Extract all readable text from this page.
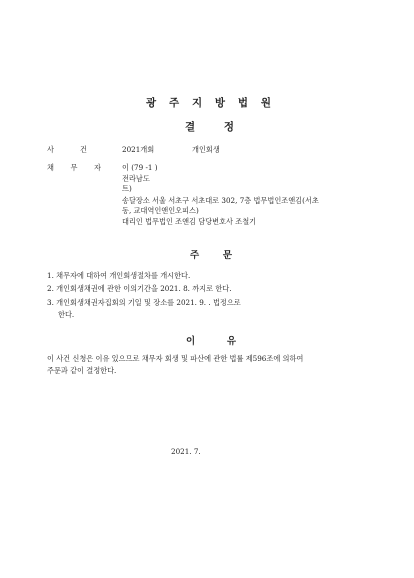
광 주 지 방 법 원
결	정
사	건	2021개회	개인회생
채 무 자	이 (79 -1 )
전라남도
트)
송달장소 서울 서초구 서초대로 302, 7층 법무법인조앤김(서초
동, 교대역인앤인오피스)
대리인 법무법인 조앤김 담당변호사 조철기
주 문
1. 채무자에 대하여 개인회생절차를 개시한다.
2. 개인회생채권에 관한 이의기간을 2021. 8. 까지로 한다.
3. 개인회생채권자집회의 기일 및 장소를 2021. 9. . 법정으로
한다.
이	유
이 사건 신청은 이유 있으므로 채무자 회생 및 파산에 관한 법률 제596조에 의하여
주문과 같이 결정한다.
2021. 7.
